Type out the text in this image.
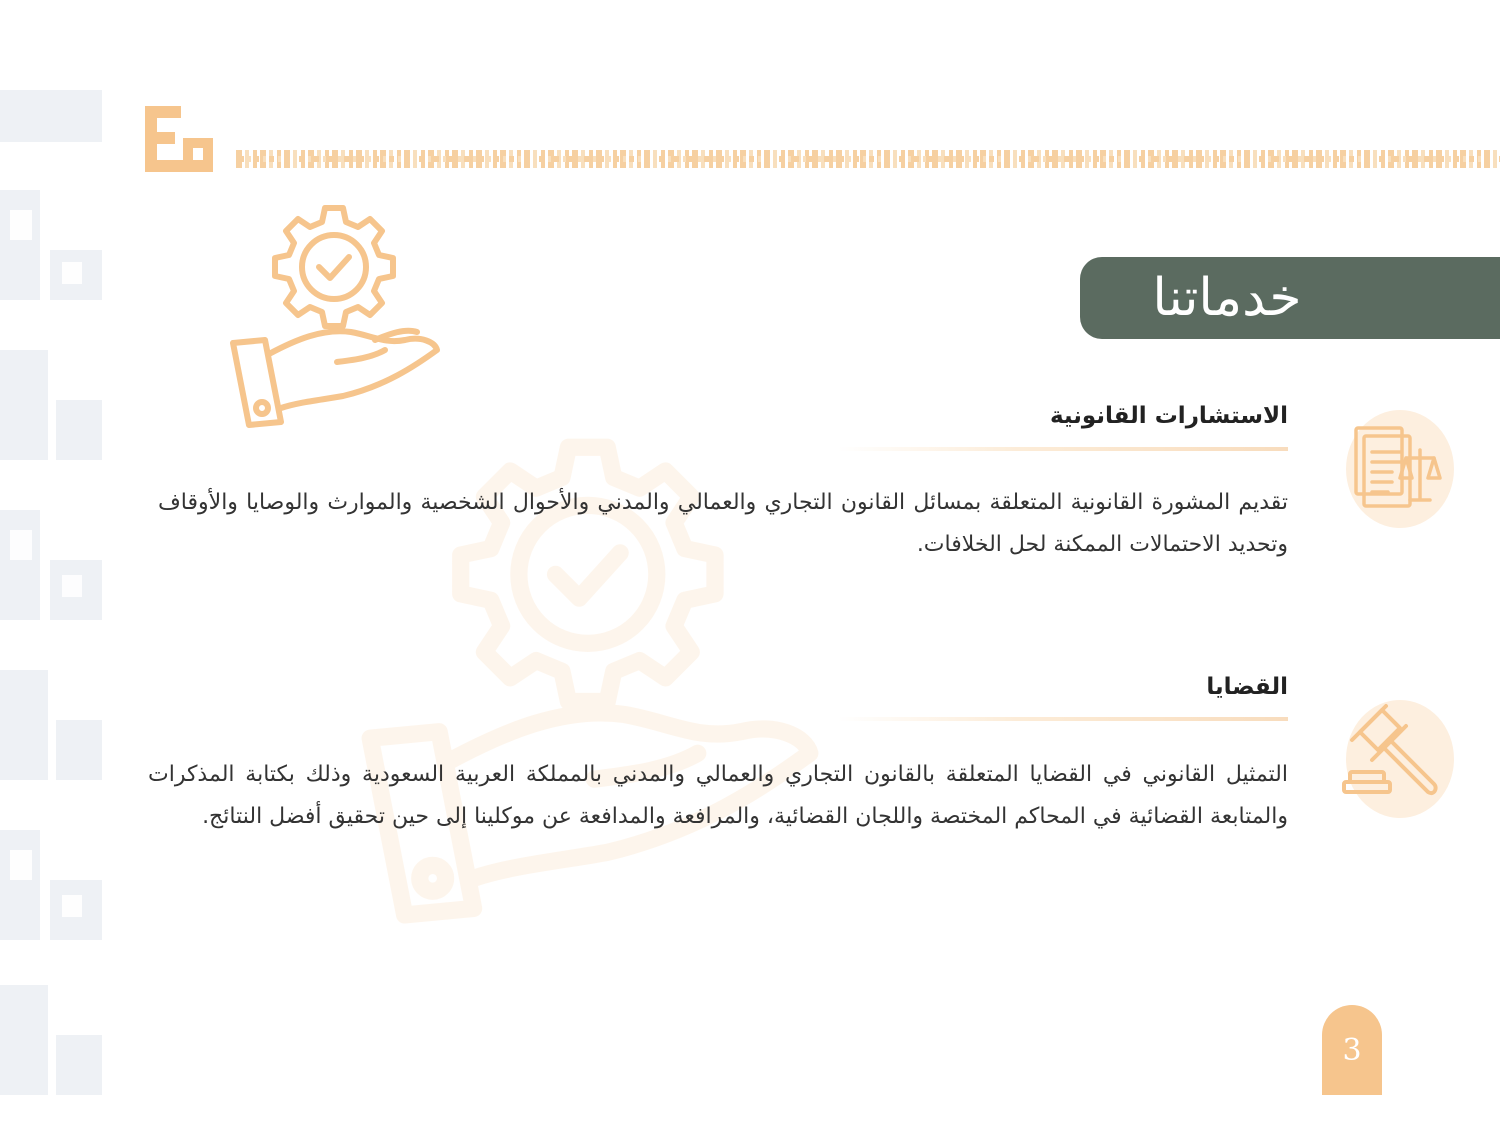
خدماتنا
الاستشارات القانونية
تقديم المشورة القانونية المتعلقة بمسائل القانون التجاري والعمالي والمدني والأحوال الشخصية والموارث والوصايا والأوقاف وتحديد الاحتمالات الممكنة لحل الخلافات.
القضايا
التمثيل القانوني في القضايا المتعلقة بالقانون التجاري والعمالي والمدني بالمملكة العربية السعودية وذلك بكتابة المذكرات والمتابعة القضائية في المحاكم المختصة واللجان القضائية، والمرافعة والمدافعة عن موكلينا إلى حين تحقيق أفضل النتائج.
3
